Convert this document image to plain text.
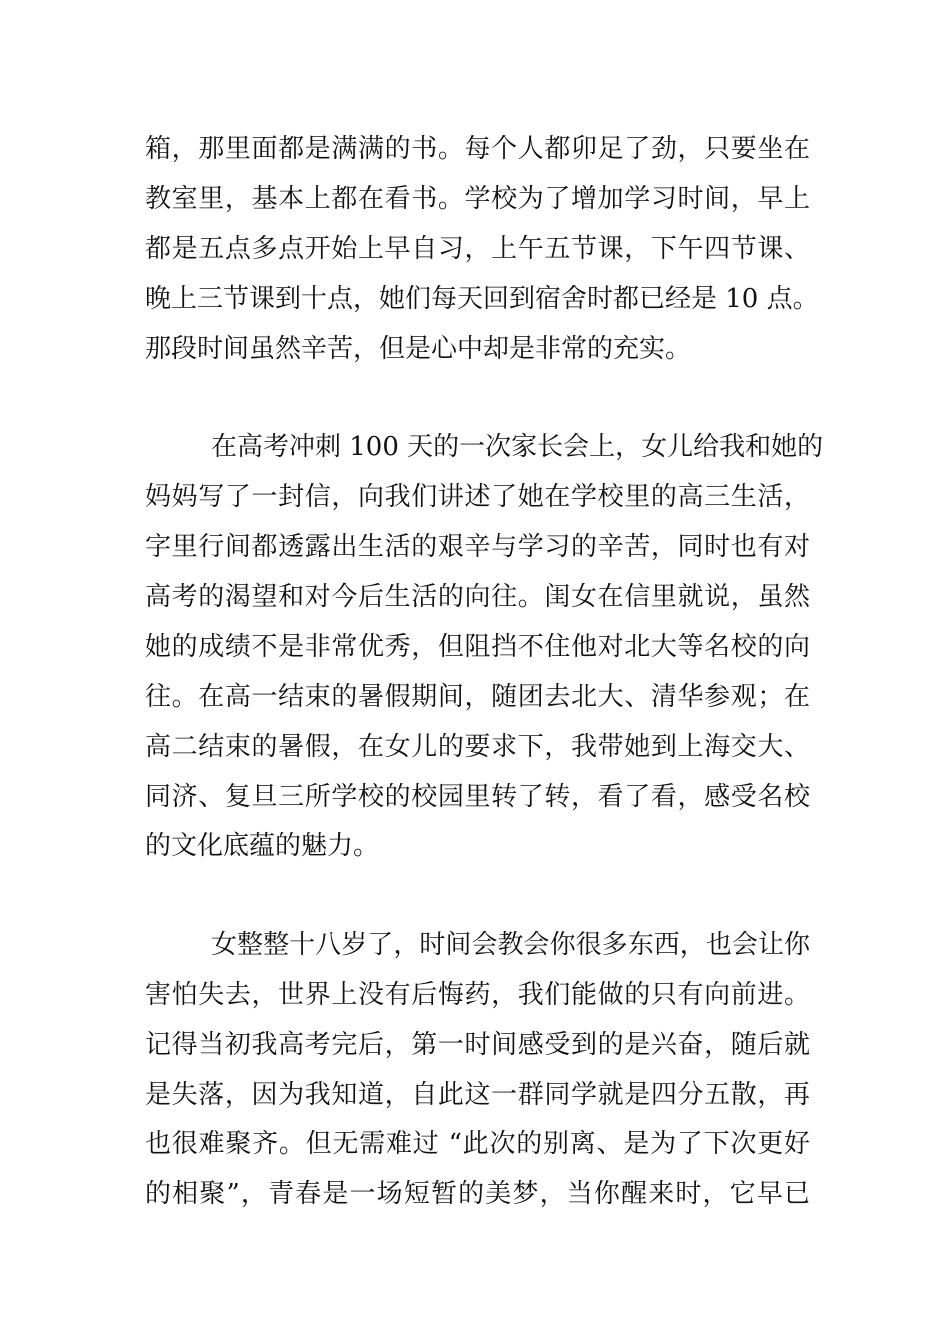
箱，那里面都是满满的书。每个人都卯足了劲，只要坐在
教室里，基本上都在看书。学校为了增加学习时间，早上
都是五点多点开始上早自习，上午五节课，下午四节课、
晚上三节课到十点，她们每天回到宿舍时都已经是 10 点。
那段时间虽然辛苦，但是心中却是非常的充实。
在高考冲刺 100 天的一次家长会上，女儿给我和她的
妈妈写了一封信，向我们讲述了她在学校里的高三生活，
字里行间都透露出生活的艰辛与学习的辛苦，同时也有对
高考的渴望和对今后生活的向往。闺女在信里就说，虽然
她的成绩不是非常优秀，但阻挡不住他对北大等名校的向
往。在高一结束的暑假期间，随团去北大、清华参观；在
高二结束的暑假，在女儿的要求下，我带她到上海交大、
同济、复旦三所学校的校园里转了转，看了看，感受名校
的文化底蕴的魅力。
女整整十八岁了，时间会教会你很多东西，也会让你
害怕失去，世界上没有后悔药，我们能做的只有向前进。
记得当初我高考完后，第一时间感受到的是兴奋，随后就
是失落，因为我知道，自此这一群同学就是四分五散，再
也很难聚齐。但无需难过 “此次的别离、是为了下次更好
的相聚”，青春是一场短暂的美梦，当你醒来时，它早已
